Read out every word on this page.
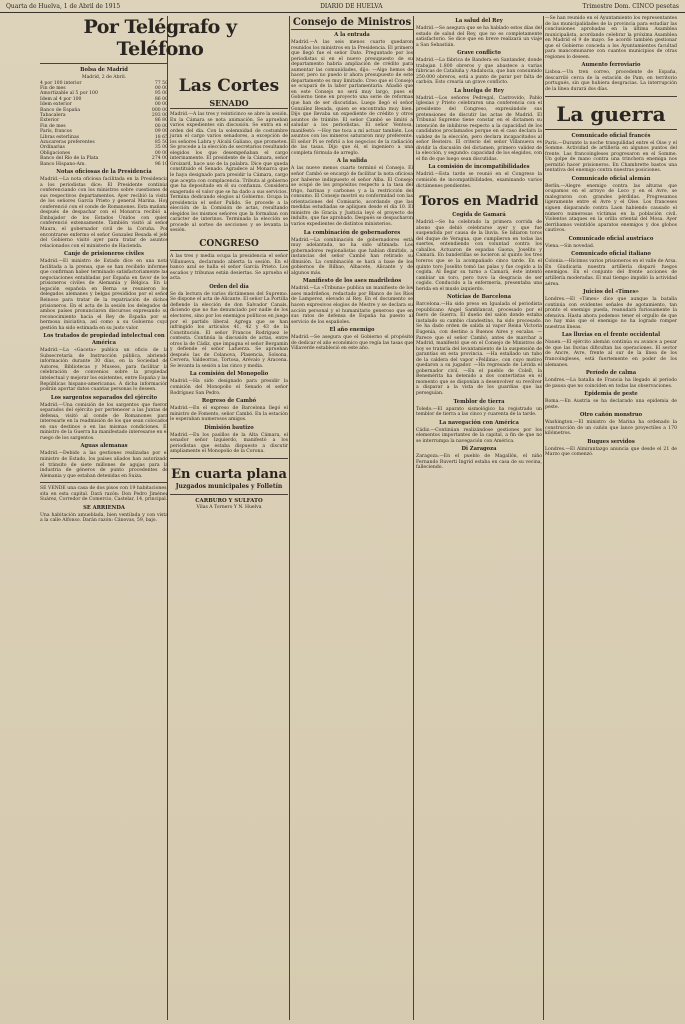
Quarta de Huelva, 1 de Abril de 1915	DIARIO DE HUELVA	Trimestre Dom. CINCO pesetas
Por Telégrafo y Teléfono
Bolsa de Madrid
Madrid, 2 de Abril.
4 por 100 interior	77 50
Fin de mes	00 00
Amortizable al 5 por 100	95 00
Idem al 4 por 100	86 00
Idem exterior	00 00
Banco de España	000 00
Tabacalera	293 00
Exterior	86 80
Fin de mes	00 00
París, francos	09 00
Libras esterlinas	18 65
Azucareras preferentes	85 50
Ordinarias	35 00
Obligaciones	00 00
Banco del Río de la Plata	274 00
Banco Hispano-Am.	96 10
Notas oficiosas de la Presidencia
Madrid.—La nota oficiosa facilitada en la Presidencia a los periodistas dice: El Presidente continúa conferenciando con los ministros sobre cuestiones de sus respectivos departamentos. Ayer recibió la visita de los señores García Prieto y general Marina. Hoy conferenció con el conde de Romanones. Esta mañana después de despachar con el Monarca recibió al Embajador de los Estados Unidos con quien conferenció extensamente. También visitó al señor Maura, el gobernador civil de la Coruña. Por encontrarse enfermo el señor Gonzalez Besada el jefe del Gobierno visitó ayer para tratar de asuntos relacionados con el ministerio de Hacienda.
Canje de prisioneros civiles
Madrid.—El ministro de Estado dice en una nota facilitada a la prensa, que se han recibido informes que confirman haber terminado satisfactoriamente las negociaciones entabladas por España en favor de los prisioneros civiles de Alemania y Bélgica. En la legación española en Berna se reunieron los delegados alemanes y belgas presididos por el señor Reinoso para tratar de la repatriación de dichos prisioneros. En el acta de la sesión los delegados de ambos países pronunciaron discursos expresando su reconocimiento hacia el Rey de España por su hermosa iniciativa, así como a su Gobierno cuya gestión ha sido estimada en su justo valor.
Los tratados de propiedad intelectual con América
Madrid.—La «Gaceta» publica un oficio de la Subsecretaría de Instrucción pública, abriendo información durante 30 días, en la Sociedad de Autores, Bibliotecas y Museos, para facilitar la celebración de convenios sobre la propiedad intelectual y mejorar los existentes, entre España y las Repúblicas hispano-americanas. A dicha información podrán aportar datos cuantas personas lo deseen.
Los sargentos separados del ejército
Madrid.—Una comisión de los sargentos que fueron separados del ejército por pertenecer a las Juntas de defensa, visitó al conde de Romanones para interesarle en la readmisión de los que sean colocados en sus destinos o en las mismas condiciones. El ministro de la Guerra ha manifestado interesarse en el ruego de los sargentos.
Aguas alemanas
Madrid.—Debido a las gestiones realizadas por el ministro de Estado, los países aliados han autorizado el tránsito de siete millones de agujas para la industria de géneros de punto procedentes de Alemania y que estaban detenidas en Suiza.
SE VENDE una casa de dos pisos con 19 habitaciones; sita en esta capital. Dará razón: Don Pedro Jiménez Suárez, Corredor de Comercio, Castelar, 14, principal.
SE ARRIENDA
Una habitación amueblada, bien ventilada y con vista a la calle Alfonso. Darán razón: Cánovas, 59, bajo.
Las Cortes
SENADO
Madrid.—A las tres y veinticinco se abre la sesión. En la Cámara se nota animación. Se aprueban varios expedientes sin discusión. Se entra en el orden del día. Con la solemnidad de costumbre juran el cargo varios senadores, a excepción de los señores Labra y Alcalá Galiano, que prometen. Se procede a la elección de secretarios resultando elegidos los que desempeñaban el cargo interinamente. El presidente de la Cámara, señor Groizard, hace uso de la palabra. Dice que queda constituido el Senado. Agradece al Monarca que le haya designado para presidir la Cámara, cargo que acepta con complacencia. Tributa al gobierno que ha depositado en él su confianza. Considera exagerado el valor que se ha dado a sus servicios. Termina dedicando elogios al Gobierno. Ocupa la presidencia el señor Pulido. Se procede a la elección de la Comisión de actas, resultando elegidos los mismos señores que la formaban con carácter de interinos. Terminada la elección se procede al sorteo de secciones y se levanta la sesión.
CONGRESO
A las tres y media ocupa la presidencia el señor Villanueva, declarando abierta la sesión. En el banco azul se halla el señor García Prieto. Los escaños y tribunas están desiertas. Se aprueba el acta.
Orden del día
Se da lectura de varios dictámenes del Supremo. Se dispone el acta de Alicante. El señor La Portilla defiende la elección de don Salvador Canals, diciendo que no fue denunciado por nadie de los electores, sino por los enemigos políticos en juego por el partido liberal. Agrega que se han infringido los artículos 41, 42 y 43 de la Constitución. El señor Francos Rodríguez le contesta. Continúa la discusión de actas, entre otros la de Cádiz, que impugna el señor Bergamín y defiende el señor Lafuerza. Se aprueban después las de Celanova, Plasencia, Solsona, Cervera, Valdeorras, Tortosa, Arévalo y Aracena. Se levanta la sesión a las cinco y media.
La comisión del Monopolio
Madrid.—Ha sido designado para presidir la comisión del Monopolio el Senado el señor Rodríguez San Pedro.
Regreso de Cambó
Madrid.—En el expreso de Barcelona llegó el ministro de Fomento, señor Cambó. En la estación le esperaban numerosos amigos.
Dimisión bautizo
Madrid.—En los pasillos de la Alta Cámara, el senador señor Izquierdo, manifestó a los periodistas que estaba dispuesto a discutir ampliamente el Monopolio de la Corona.
En cuarta plana
Juzgados municipales y Folletín
CARBURO Y SULFATO
Vilas A Tornero Y N. Huelva
Consejo de Ministros
A la entrada
Madrid.—A las seis menos cuarto quedaron reunidos los ministros en la Presidencia. El primero que llegó fue el señor Dato. Preguntado por los periodistas si en el nuevo presupuesto de su departamento habría ampliación de crédito para aumentar las comunidades, dijo: —Algo hemos de hacer, pero no puedo ir ahora presupuesto de este departamento es muy limitado. Creo que el Consejo se ocupará de la labor parlamentaria. Añadió que en este Consejo no será muy largo, pues el Gobierno tiene en proyecto una serie de reformas que han de ser discutidas. Luego llegó el señor González Besada, quien se encontraba muy bien. Dijo que llevaba un expediente de crédito y otros asuntos de trámite. El señor Cambó se limitó a saludar a los periodistas. El señor Ventosa, manifestó: —Hoy me toca a mí actuar también. Los asuntos con los mineros saturaron muy preferente. El señor Pi se refirió a los negocios de la radiación de las tasas. Dijo que él, el ingeniero a una completa fórmula de arreglo.
A la salida
A las nueve menos cuarto terminó el Consejo. El señor Cambó se encargó de facilitar la nota oficiosa por haberse indispuesto el señor Alba. El Consejo se ocupó de los propósitos respecto a la tasa del trigo, harinas y carbones y a la restricción del consumo. El Consejo mostró su conformidad con las orientaciones del Comisario, acordando que las medidas estudiadas se apliquen desde el día 10. El ministro de Gracia y Justicia leyó el proyecto de indulto, que fue aprobado. Después se despacharon varios expedientes de distintos ministerios.
La combinación de gobernadores
Madrid.—La combinación de gobernadores está muy adelantada, no ha sido ultimada. Los gobernadores regionalistas que habían dimitido, a instancias del señor Cambó han retirado su dimisión. La combinación se hará a base de los gobiernos de Bilbao, Albacete, Alicante y de algunos más.
Manifiesto de los ases madrileños
Madrid.—La «Tribuna» publica un manifiesto de los ases madrileños, redactado por Blanco de los Ríos de Lamperez, elevado al Rey. En el documento se hacen expresivos elogios de Mestre y se declara su acción personal y el humanitario generoso que en sus ratos de defensa de España ha puesto al servicio de los españoles.
El año enemigo
Madrid.—Se asegura que el Gobierno el propósito de dedicar el año económico que regía las tasas que Villaverde estableció en este año.
La salud del Rey
Madrid.—Se asegura que se ha hablado estos días del estado de salud del Rey, que no es completamente satisfactorio. Se dice que en breve realizará un viaje a San Sebastián.
Grave conflicto
Madrid.—La fábrica de Bandera en Santander, donde trabajan 1.800 obreros y que abastece a varias fábricas de Cataluña y Andalucía, que han consumido 250.000 obreros, está a punto de parar por falta de carbón. Esto crearía un grave conflicto.
La huelga de Rey
Madrid.—Los señores Pedregal, Castrovido, Pablo Iglesias y Prieto celebraron una conferencia con el presidente del Congreso, expresándole sus pretensiones de discutir las actas de Madrid. El Tribunal Supremo tiene constar en el dictamen su intención de inhibirse respecto a la capacidad de los candidatos proclamados porque en el caso declara la validez de la elección, pero declara incapacitados al señor Besteiro. El criterio del señor Villanueva es dividir la discusión del dictamen, primero validez de la elección, y segundo: capacidad de los elegidos, con el fin de que luego sean discutidas.
La comisión de incompatibilidades
Madrid.—Esta tarde se reunió en el Congreso la comisión de incompatibilidades, examinando varios dictámenes pendientes.
Toros en Madrid
Cogida de Gamará
Madrid.—Se ha celebrado la primera corrida de abono que debió celebrarse ayer y que fue suspendida por causa de la lluvia. Se lidiaron toros del duque de Veragua, que cumplieron en todas las suertes, entendiendo con voluntad contra los caballos. Actuaron de espadas Gaona, Joselito y Camará. En banderillas se lucieron al quinto los tres toreros que se la acompañado cinco tarde. En el quinto toro Joselito tomó las palas y fue cogido a la cogida. Al llegar su turno a Camará, éste intentó cambiar un toro, pero tuvo la desgracia de ser cogido. Conducido a la enfermería, presentaba una herida en el muslo izquierdo.
Noticias de Barcelona
Barcelona.—Ha sido preso en Igualada el periodista republicano Angel Samblancat, procesado por el fuero de Guerra. El dueño del salón donde estaba instalado su cambio clandestino, ha sido procesado. Se ha dado orden de salida al vapor Reina Victoria Eugenia, con destino a Buenos Aires y escalas. —Parece que el señor Cambó, antes de marchar a Madrid, manifestó que en el Consejo de Ministros de hoy se trataría del levantamiento de la suspensión de garantías en esta provincia. —Ha estallado un tubo de la caldera del vapor «Pelilina», con cuyo motivo quedaron a su jugador. —Ha regresado de Lérida el gobernador civil. —En el pueblo de Colell, la Benemérita ha detenido a dos contertistas en el momento que se disponían a desenvolver su revólver a disparar a la vista de los guardias que las perseguían.
Temblor de tierra
Toledo.—El aparato sismológico ha registrado un temblor de tierra a las cinco y cuarenta de la tarde.
La navegación con América
Cádiz.—Continúan realizándose gestiones por los elementos importantes de la capital, a fin de que no se interrumpa la navegación con América.
Di Zaragoza
Zaragoza.—En el pueblo de Magallón, el niño Fernando Ruverti Ingrid estaba en casa de su vecina, falleciendo.
—Se han reunido en el Ayuntamiento los representantes de las municipalidades de la provincia para estudiar las conclusiones aprobadas en la última Asamblea municipalista, acordando celebrar la próxima Asamblea en Madrid el 9 de mayo. Se acordó también gestionar que el Gobierno conceda a los Ayuntamientos facultad para mancomunarse con cuantos municipios de otras regiones lo deseen.
Aumento ferroviario
Lisboa.—Un tren correo, procedente de España, descarriló cerca de la estación de Pam, en territorio portugués, sin que hubiera desgracias. La interrupción de la línea durará dos días.
La guerra
Comunicado oficial francés
París.—Durante la noche tranquilidad entre el Oise y el Somme. Actividad de artillería en algunos puntos del frente. Las francoingleses progresaron en el Somme. Un golpe de mano contra una trinchera enemiga nos permitió hacer prisioneros. En Chambrette bastos una tentativa del enemigo contra nuestras posiciones.
Comunicado oficial alemán
Berlín.—Alegre enemigo contra las alturas que ocupamos en el arroyo de Loco y en el Avre, se malograron con grandes pérdidas. Progresamos ligeramente entre el Avre y el Oise. Los franceses siguen disparando contra Laon habiendo causado el número numerosas víctimas en la población civil. Violentos ataques en la orilla oriental del Mosa. Ayer derribamos veintidós aparatos enemigos y dos globos cautivos.
Comunicado oficial austriaco
Viena.—Sin novedad.
Comunicado oficial italiano
Colonia.—Hicimos varios prisioneros en el valle de Arsa. En Giudicaria nuestra artillería disparó fuegos enemigos. En el conjunto del frente acciones de artillería moderadas. El mal tiempo impidió la actividad aérea.
Juicios del «Times»
Londres.—El «Times» dice que aunque la batalla continúa con evidentes señales de agotamiento, tan pronto el enemigo pueda, reanudará furiosamente la ofensiva. Hasta ahora podemos tener el orgullo de que no hay más que el enemigo no ha logrado romper nuestras líneas.
Las lluvias en el frente occidental
Nauen.—El ejército alemán continúa su avance a pesar de que las lluvias dificultan las operaciones. El sector de Ancre, Avre, frente al sur de la línea de los francoingleses, está fuertemente en poder de los alemanes.
Período de calma
Londres.—La batalla de Francia ha llegado al período de pausa que no coinciden en todas las observaciones.
Epidemia de peste
Roma.—En Austria se ha declarado una epidemia de peste.
Otro cañón monstruo
Washington.—El ministro de Marina ha ordenado la construcción de un cañón que lance proyectiles a 170 kilómetros.
Buques servidos
Londres.—El Almirantazgo anuncia que desde el 21 de Marzo que comenzó.
